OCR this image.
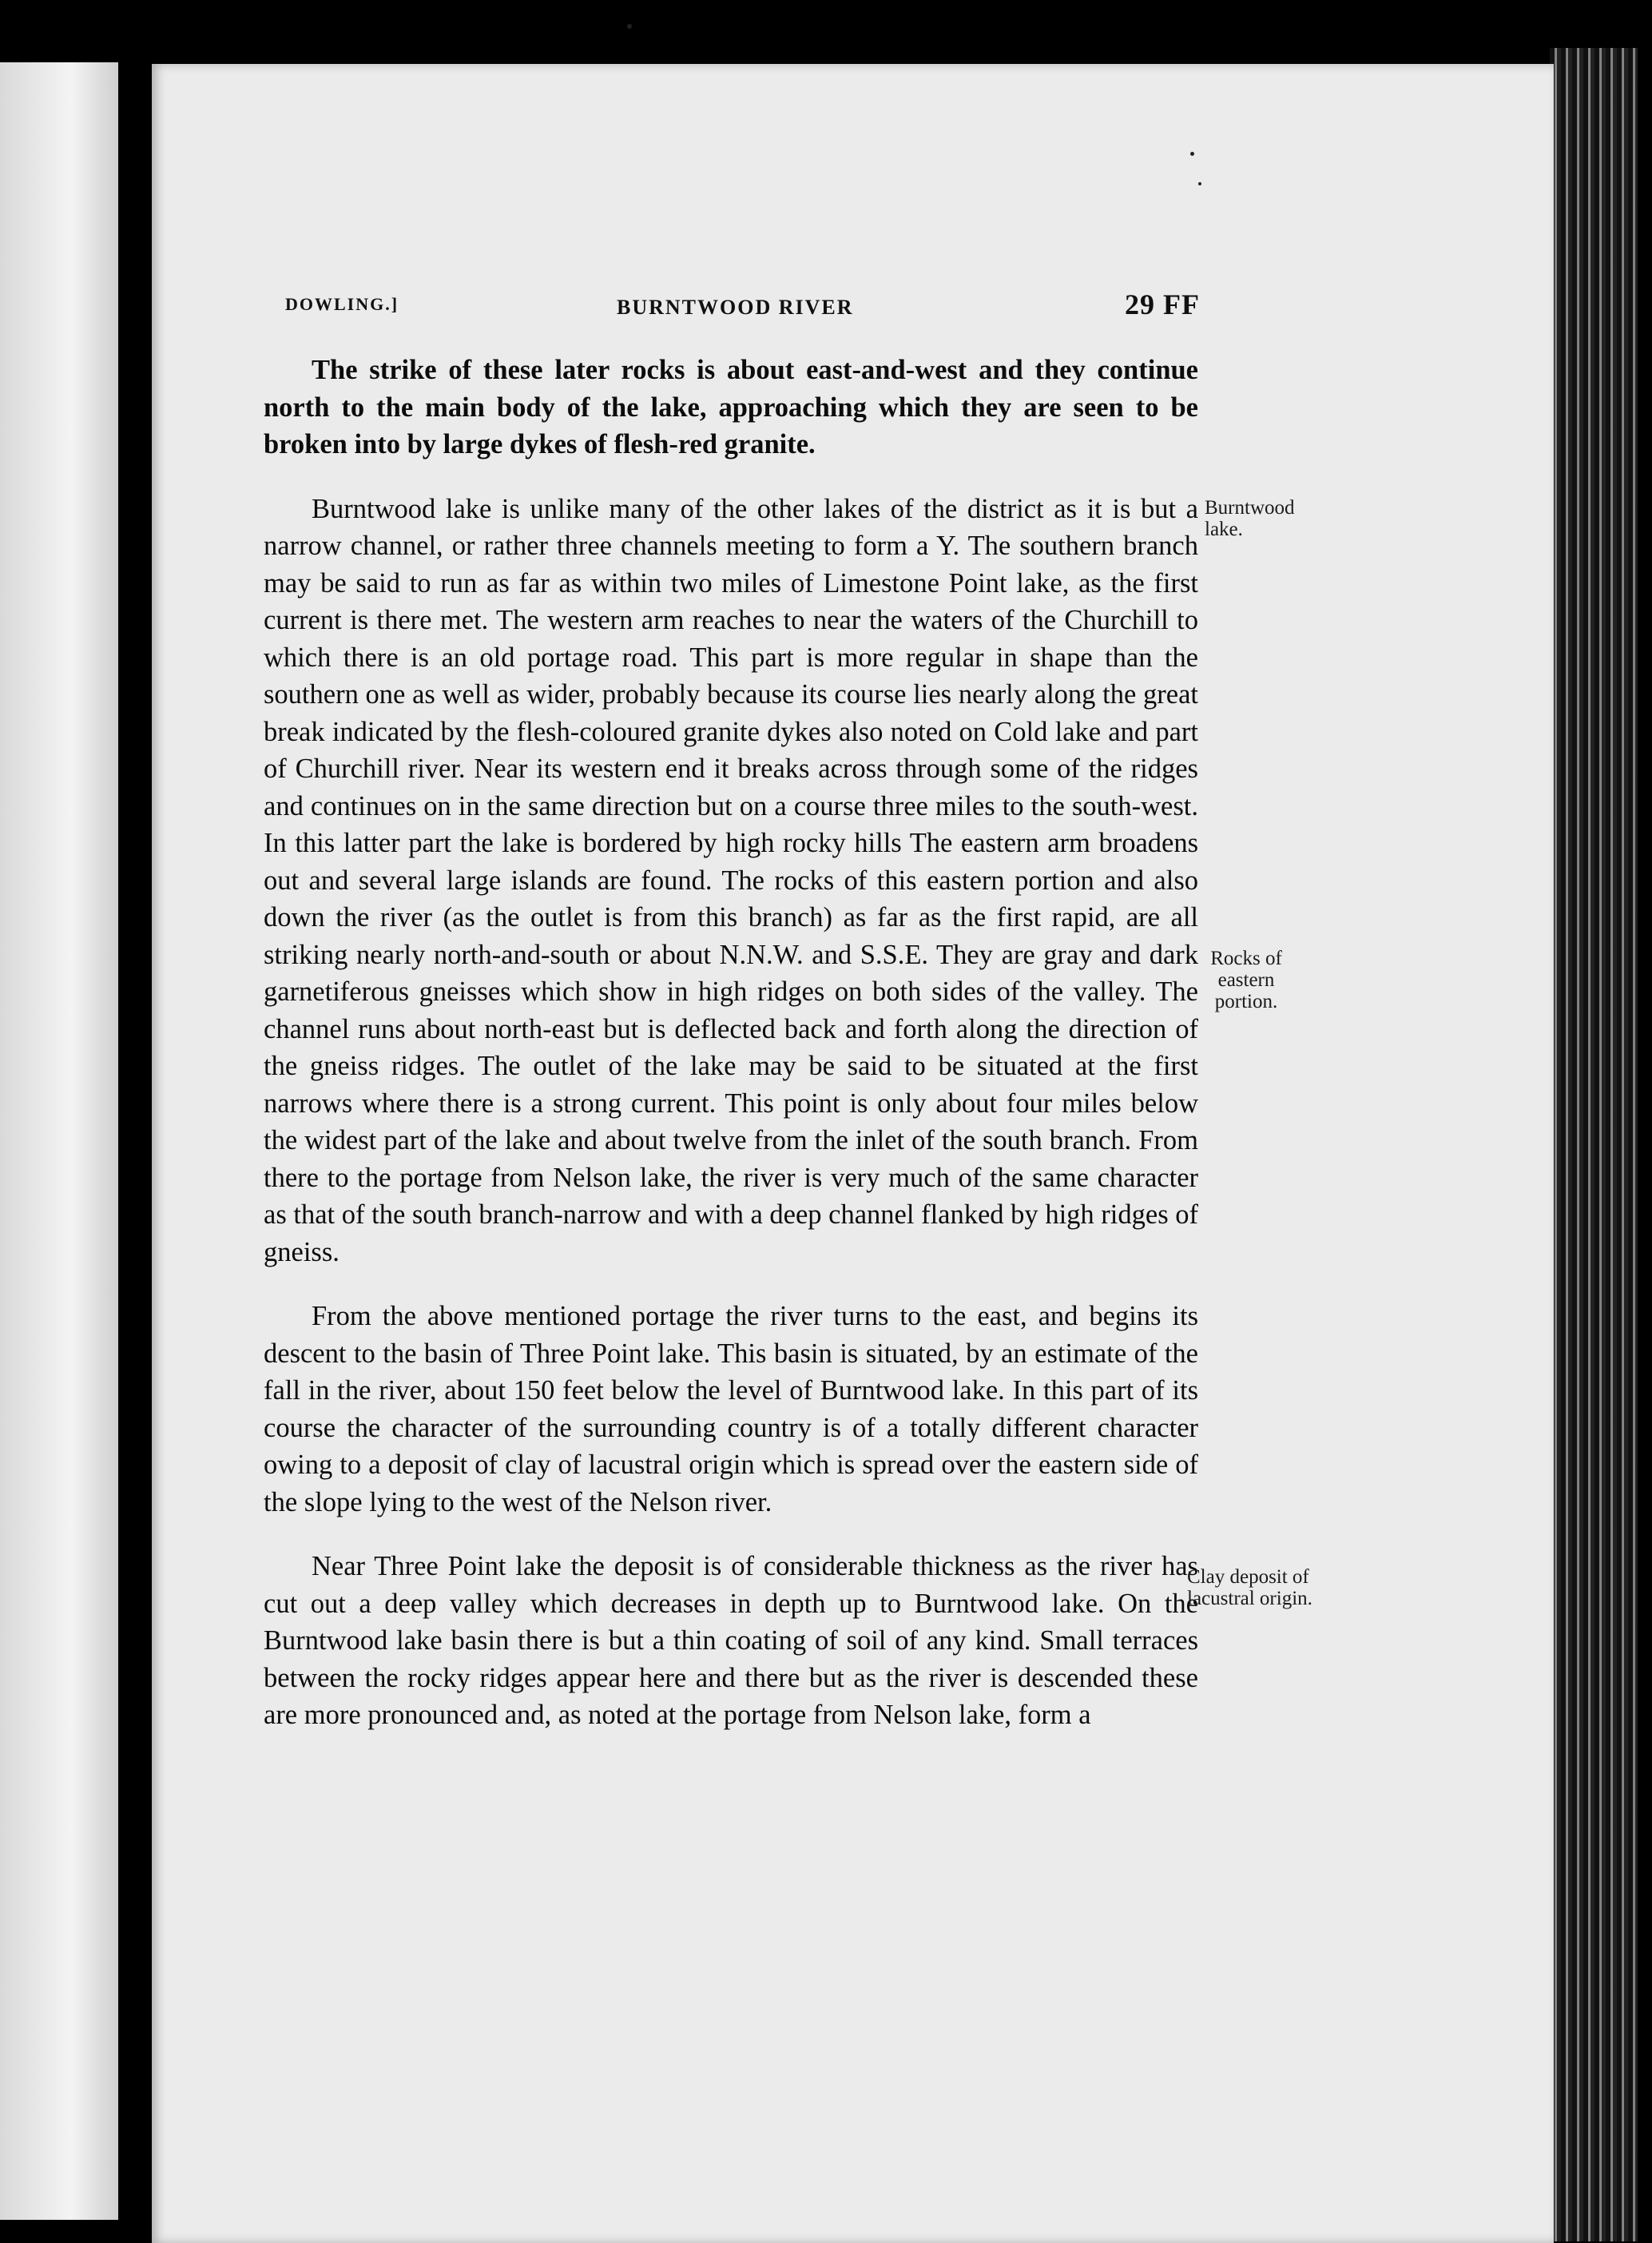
DOWLING.]	BURNTWOOD RIVER	29 FF

The strike of these later rocks is about east-and-west and they continue north to the main body of the lake, approaching which they are seen to be broken into by large dykes of flesh-red granite.

Burntwood lake is unlike many of the other lakes of the district as it is but a narrow channel, or rather three channels meeting to form a Y. The southern branch may be said to run as far as within two miles of Limestone Point lake, as the first current is there met. The western arm reaches to near the waters of the Churchill to which there is an old portage road. This part is more regular in shape than the southern one as well as wider, probably because its course lies nearly along the great break indicated by the flesh-coloured granite dykes also noted on Cold lake and part of Churchill river. Near its western end it breaks across through some of the ridges and continues on in the same direction but on a course three miles to the south-west. In this latter part the lake is bordered by high rocky hills The eastern arm broadens out and several large islands are found. The rocks of this eastern portion and also down the river (as the outlet is from this branch) as far as the first rapid, are all striking nearly north-and-south or about N.N.W. and S.S.E. They are gray and dark garnetiferous gneisses which show in high ridges on both sides of the valley. The channel runs about north-east but is deflected back and forth along the direction of the gneiss ridges. The outlet of the lake may be said to be situated at the first narrows where there is a strong current. This point is only about four miles below the widest part of the lake and about twelve from the inlet of the south branch. From there to the portage from Nelson lake, the river is very much of the same character as that of the south branch-narrow and with a deep channel flanked by high ridges of gneiss.

From the above mentioned portage the river turns to the east, and begins its descent to the basin of Three Point lake. This basin is situated, by an estimate of the fall in the river, about 150 feet below the level of Burntwood lake. In this part of its course the character of the surrounding country is of a totally different character owing to a deposit of clay of lacustral origin which is spread over the eastern side of the slope lying to the west of the Nelson river.

Near Three Point lake the deposit is of considerable thickness as the river has cut out a deep valley which decreases in depth up to Burntwood lake. On the Burntwood lake basin there is but a thin coating of soil of any kind. Small terraces between the rocky ridges appear here and there but as the river is descended these are more pronounced and, as noted at the portage from Nelson lake, form a

Burntwood lake.
Rocks of eastern portion.
Clay deposit of lacustral origin.
